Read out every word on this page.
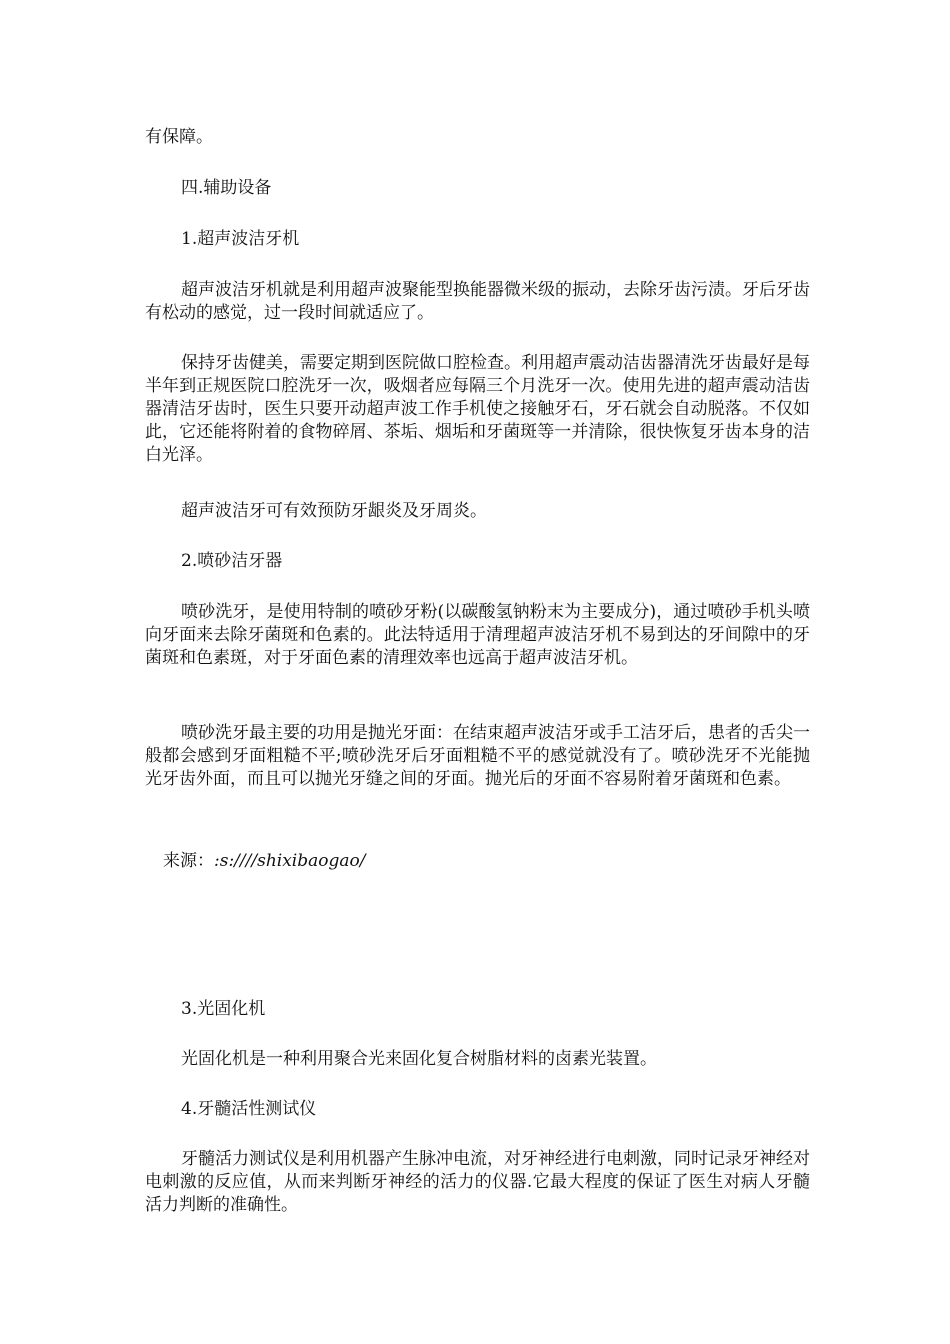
有保障。

四.辅助设备

1.超声波洁牙机

超声波洁牙机就是利用超声波聚能型换能器微米级的振动，去除牙齿污渍。牙后牙齿有松动的感觉，过一段时间就适应了。

保持牙齿健美，需要定期到医院做口腔检查。利用超声震动洁齿器清洗牙齿最好是每半年到正规医院口腔洗牙一次，吸烟者应每隔三个月洗牙一次。使用先进的超声震动洁齿器清洁牙齿时，医生只要开动超声波工作手机使之接触牙石，牙石就会自动脱落。不仅如此，它还能将附着的食物碎屑、茶垢、烟垢和牙菌斑等一并清除，很快恢复牙齿本身的洁白光泽。

超声波洁牙可有效预防牙龈炎及牙周炎。

2.喷砂洁牙器

喷砂洗牙，是使用特制的喷砂牙粉(以碳酸氢钠粉末为主要成分)，通过喷砂手机头喷向牙面来去除牙菌斑和色素的。此法特适用于清理超声波洁牙机不易到达的牙间隙中的牙菌斑和色素斑，对于牙面色素的清理效率也远高于超声波洁牙机。

喷砂洗牙最主要的功用是抛光牙面：在结束超声波洁牙或手工洁牙后，患者的舌尖一般都会感到牙面粗糙不平;喷砂洗牙后牙面粗糙不平的感觉就没有了。喷砂洗牙不光能抛光牙齿外面，而且可以抛光牙缝之间的牙面。抛光后的牙面不容易附着牙菌斑和色素。

来源：:s:////shixibaogao/

3.光固化机

光固化机是一种利用聚合光来固化复合树脂材料的卤素光装置。

4.牙髓活性测试仪

牙髓活力测试仪是利用机器产生脉冲电流，对牙神经进行电刺激，同时记录牙神经对电刺激的反应值，从而来判断牙神经的活力的仪器.它最大程度的保证了医生对病人牙髓活力判断的准确性。
